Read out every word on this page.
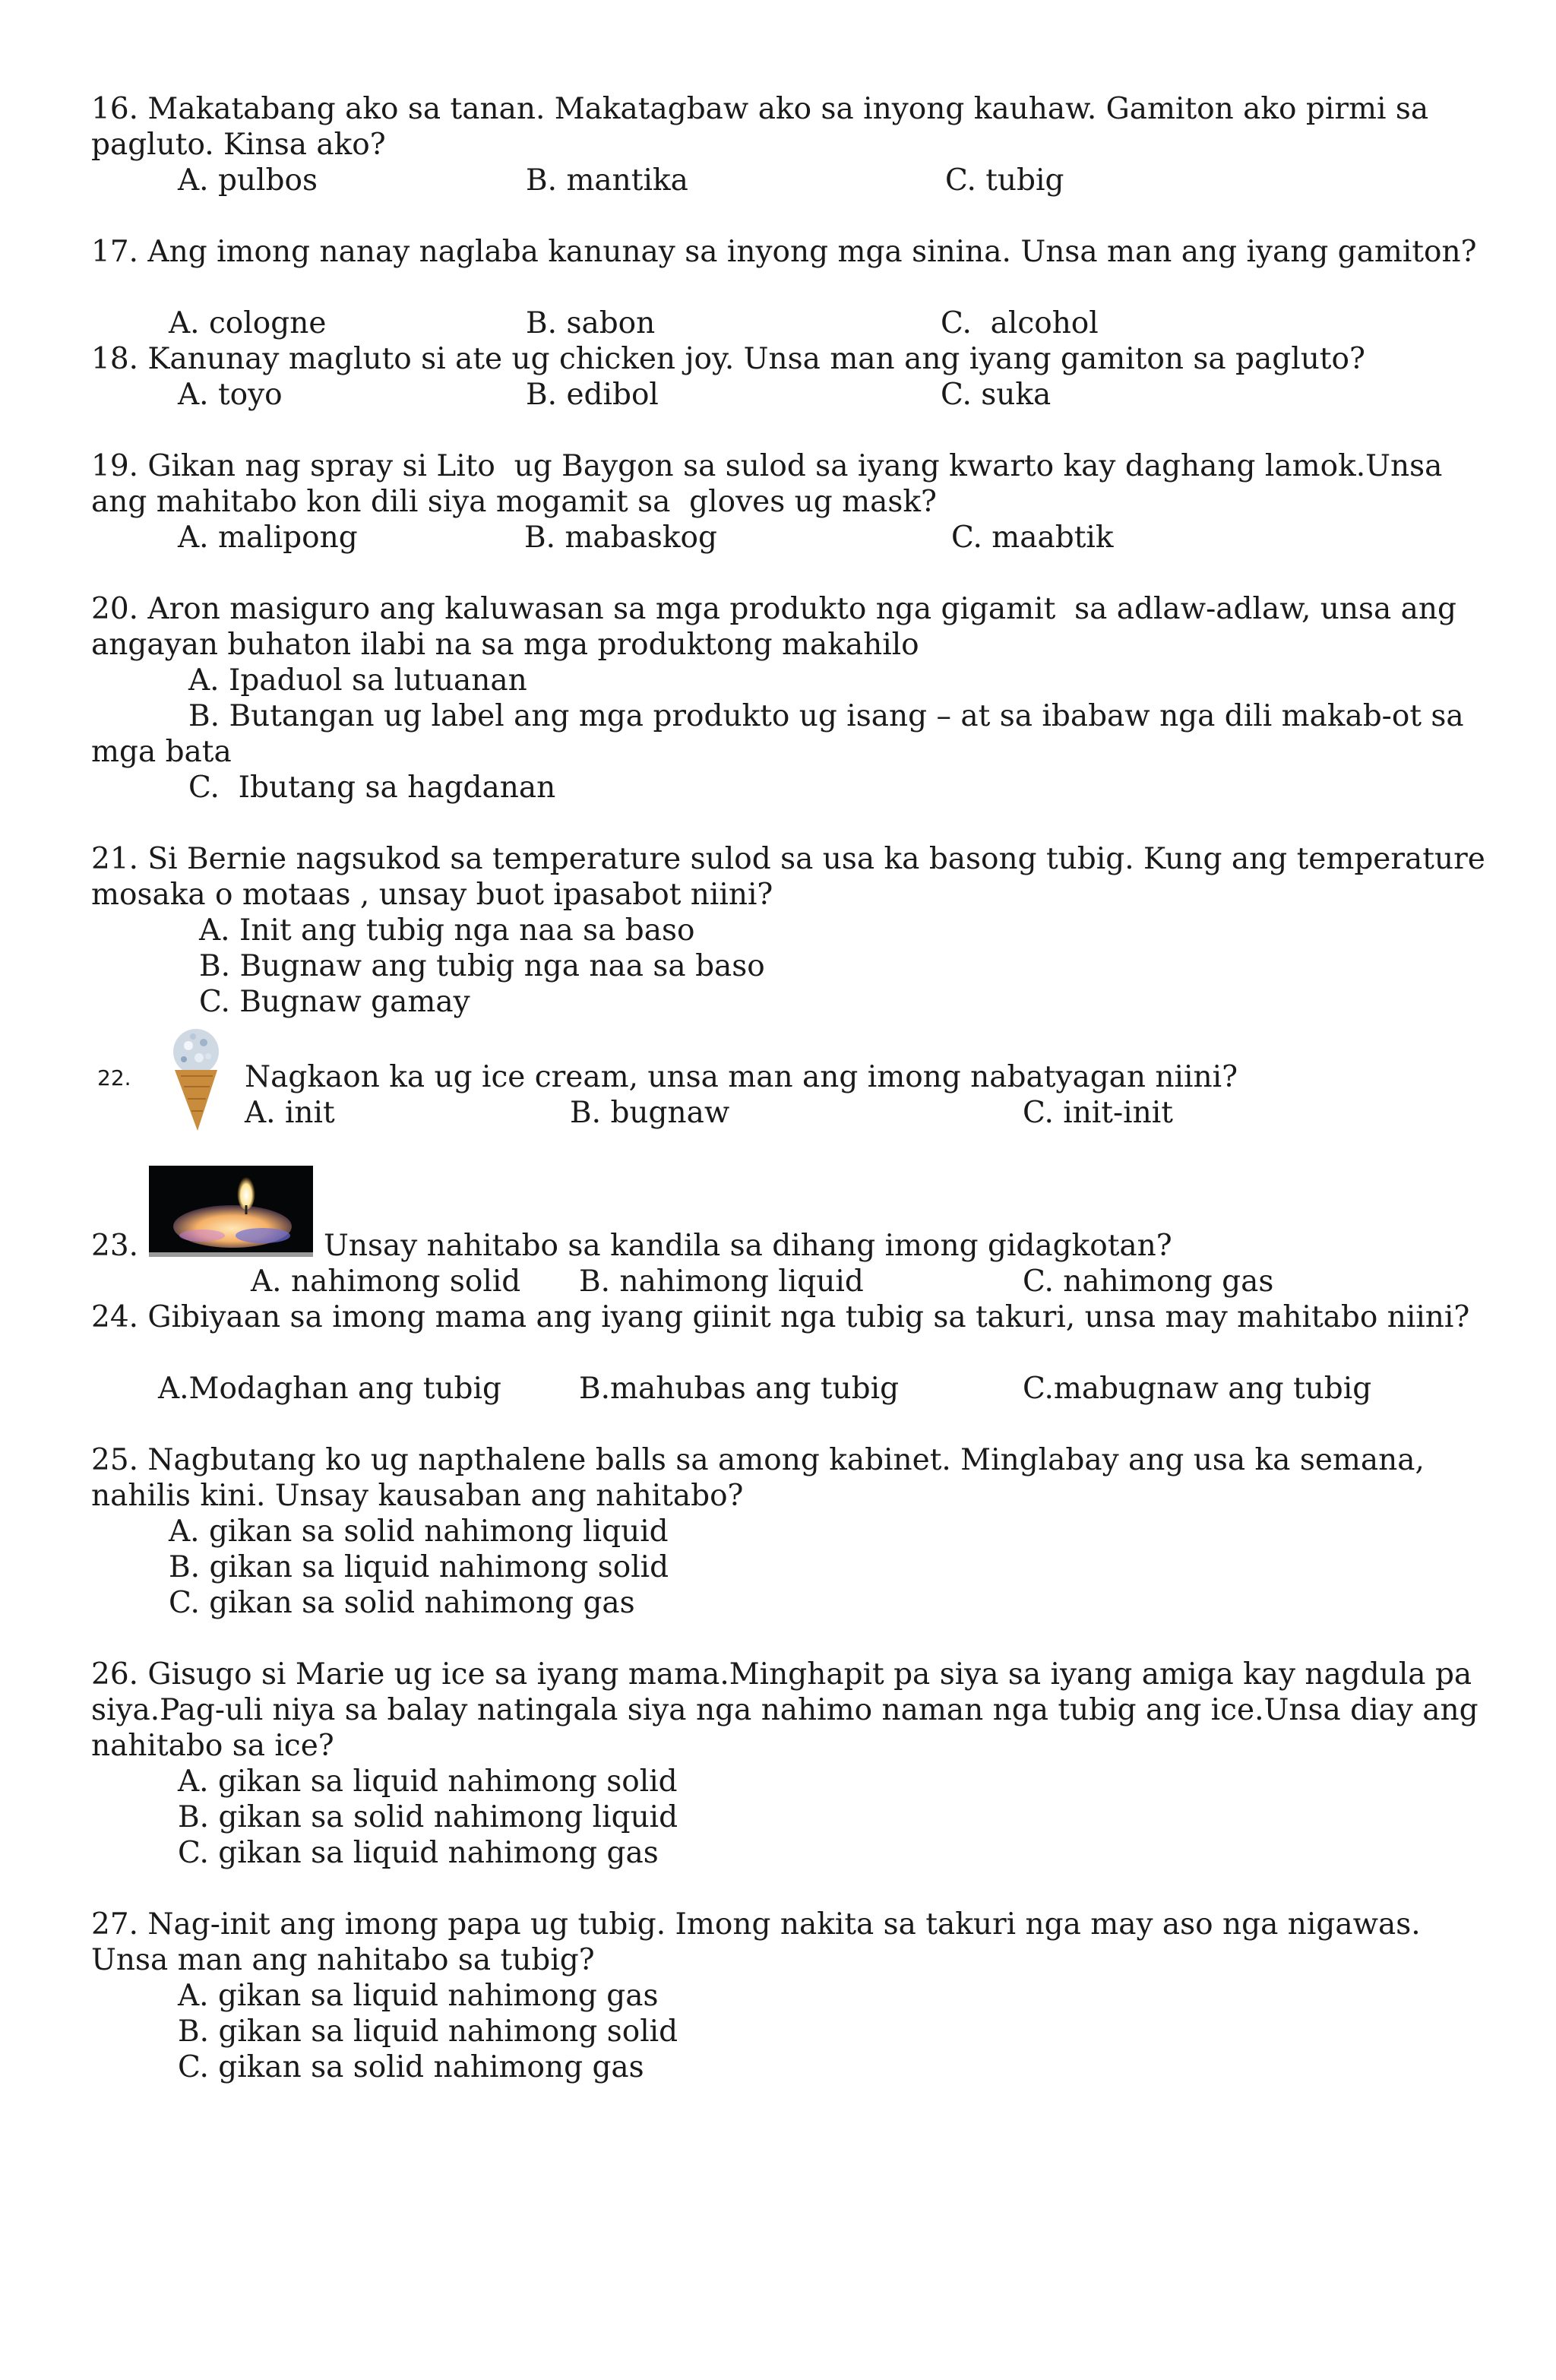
16. Makatabang ako sa tanan. Makatagbaw ako sa inyong kauhaw. Gamiton ako pirmi sa pagluto. Kinsa ako?

A. pulbos	B. mantika	C. tubig

17. Ang imong nanay naglaba kanunay sa inyong mga sinina. Unsa man ang iyang gamiton?

A. cologne	B. sabon	C.  alcohol

18. Kanunay magluto si ate ug chicken joy. Unsa man ang iyang gamiton sa pagluto?

A. toyo	B. edibol	C. suka

19. Gikan nag spray si Lito  ug Baygon sa sulod sa iyang kwarto kay daghang lamok.Unsa ang mahitabo kon dili siya mogamit sa  gloves ug mask?

A. malipong	B. mabaskog	C. maabtik

20. Aron masiguro ang kaluwasan sa mga produkto nga gigamit  sa adlaw-adlaw, unsa ang angayan buhaton ilabi na sa mga produktong makahilo

A. Ipaduol sa lutuanan

B. Butangan ug label ang mga produkto ug isang – at sa ibabaw nga dili makab-ot sa mga bata

C.  Ibutang sa hagdanan

21. Si Bernie nagsukod sa temperature sulod sa usa ka basong tubig. Kung ang temperature mosaka o motaas , unsay buot ipasabot niini?

A. Init ang tubig nga naa sa baso

B. Bugnaw ang tubig nga naa sa baso

C. Bugnaw gamay

22.	Nagkaon ka ug ice cream, unsa man ang imong nabatyagan niini?

A. init	B. bugnaw	C. init-init

23.	Unsay nahitabo sa kandila sa dihang imong gidagkotan?

A. nahimong solid B. nahimong liquid	C. nahimong gas

24. Gibiyaan sa imong mama ang iyang giinit nga tubig sa takuri, unsa may mahitabo niini?

A.Modaghan ang tubig	B.mahubas ang tubig	C.mabugnaw ang tubig

25. Nagbutang ko ug napthalene balls sa among kabinet. Minglabay ang usa ka semana, nahilis kini. Unsay kausaban ang nahitabo?

A. gikan sa solid nahimong liquid

B. gikan sa liquid nahimong solid

C. gikan sa solid nahimong gas

26. Gisugo si Marie ug ice sa iyang mama.Minghapit pa siya sa iyang amiga kay nagdula pa siya.Pag-uli niya sa balay natingala siya nga nahimo naman nga tubig ang ice.Unsa diay ang nahitabo sa ice?

A. gikan sa liquid nahimong solid

B. gikan sa solid nahimong liquid

C. gikan sa liquid nahimong gas

27. Nag-init ang imong papa ug tubig. Imong nakita sa takuri nga may aso nga nigawas. Unsa man ang nahitabo sa tubig?

A. gikan sa liquid nahimong gas

B. gikan sa liquid nahimong solid

C. gikan sa solid nahimong gas
